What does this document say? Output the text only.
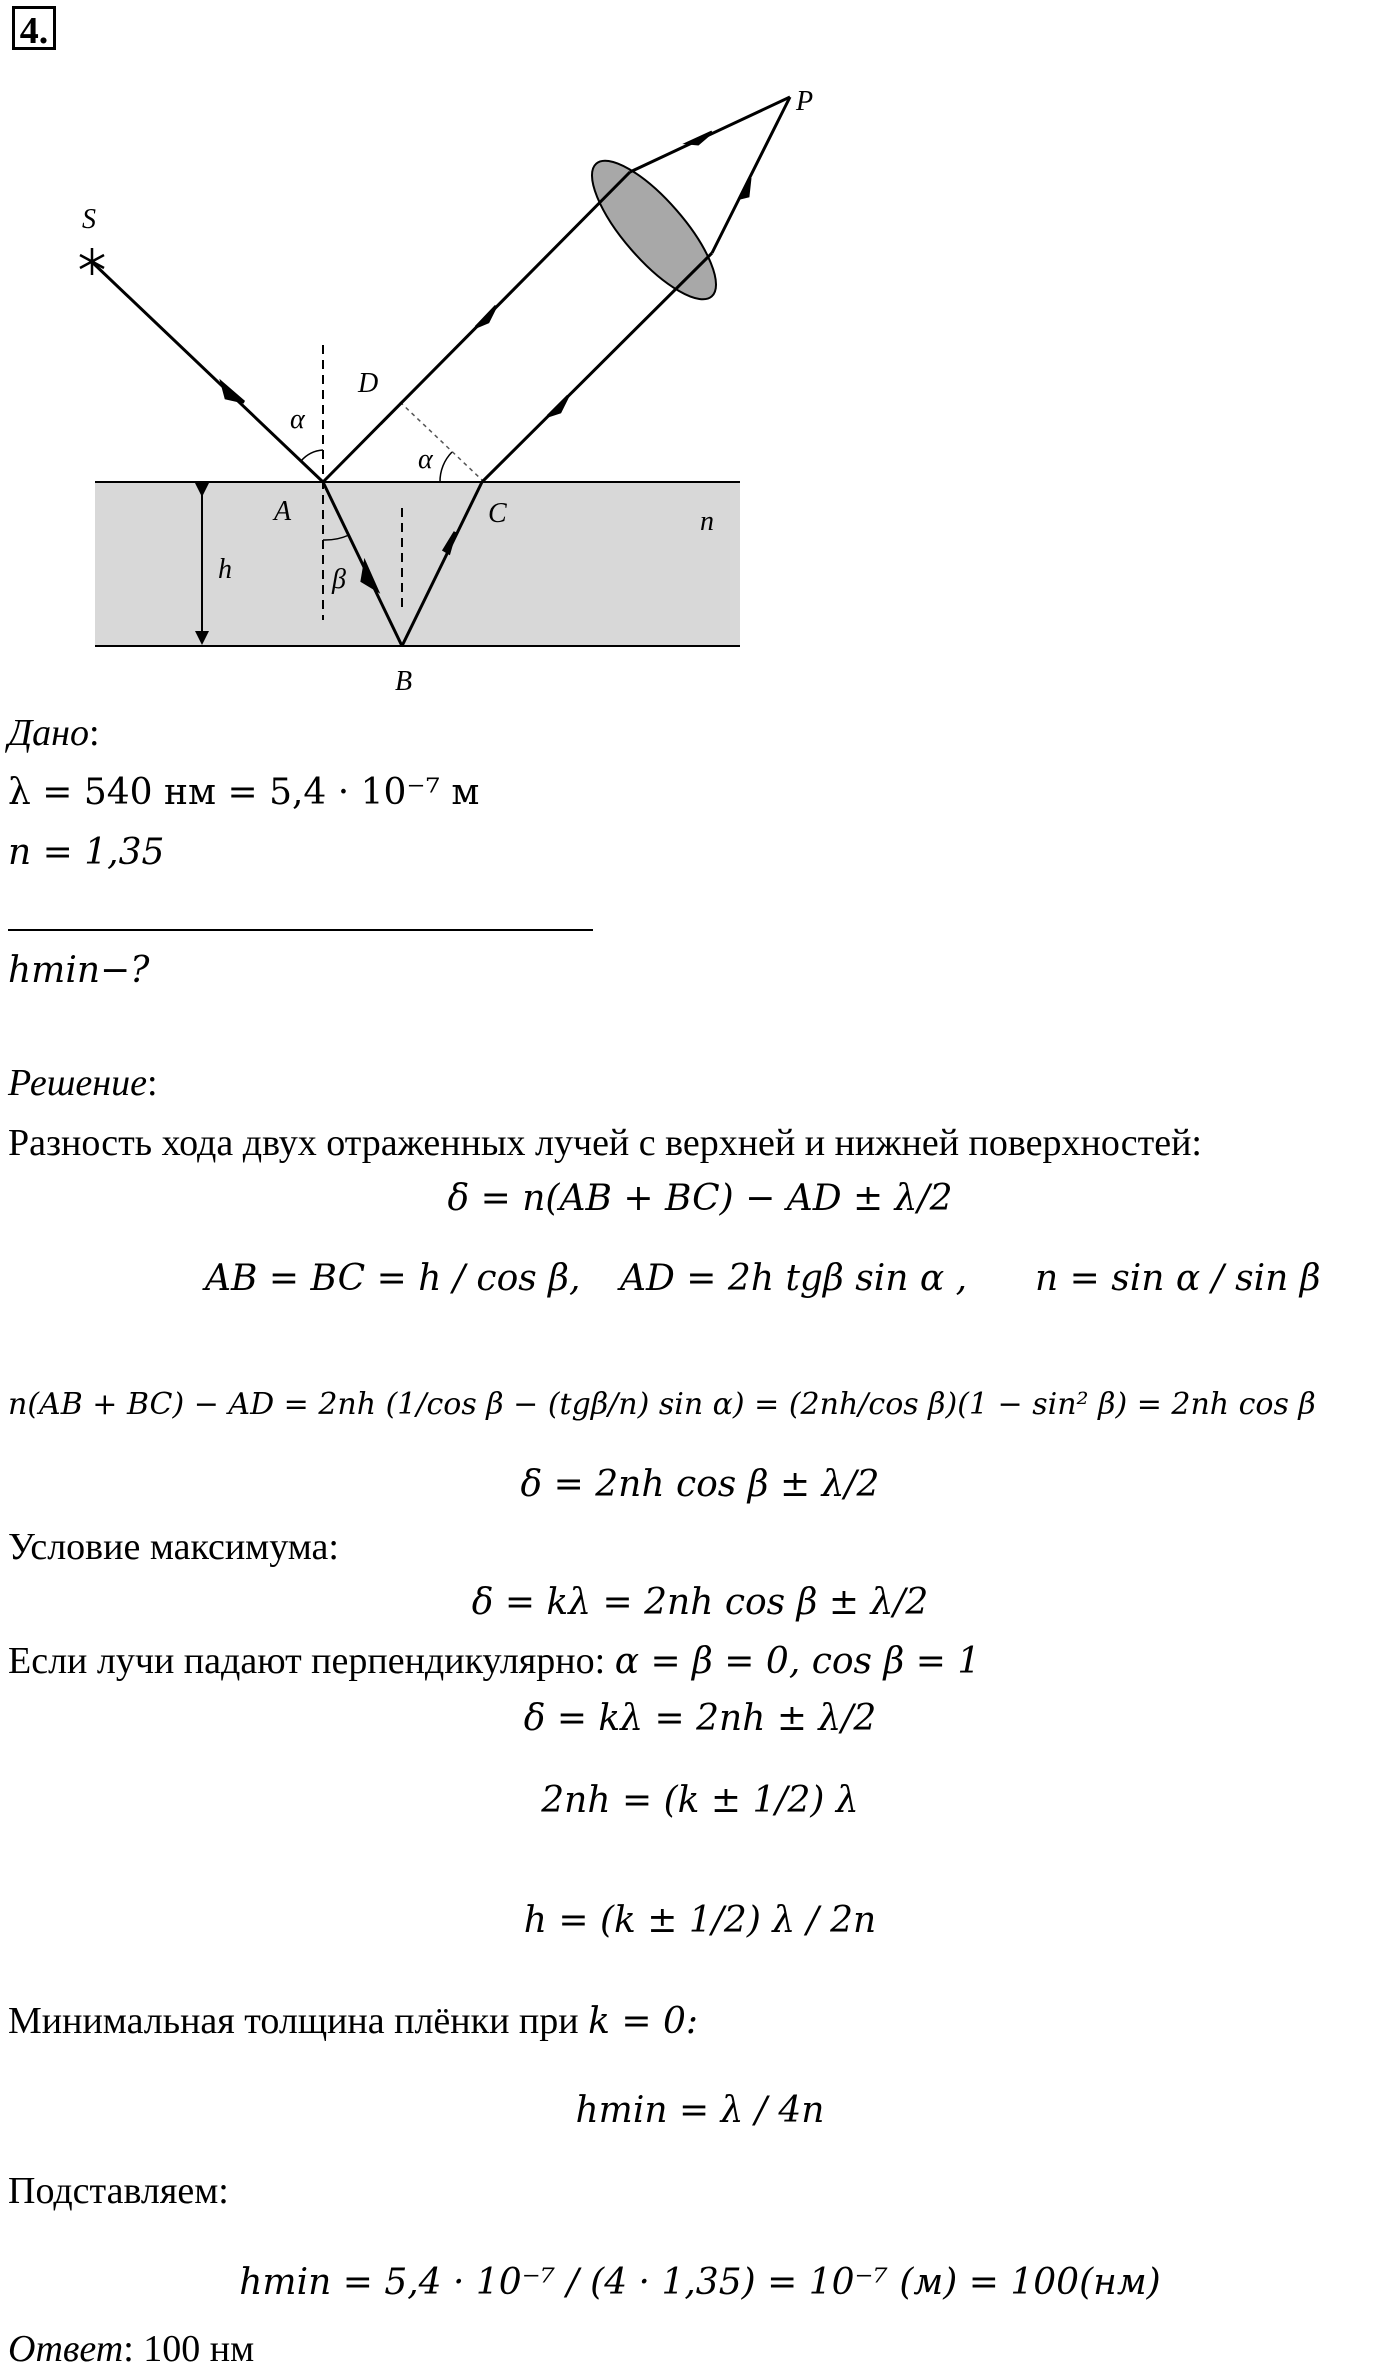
4.
S
P
D
α
α
A	C	n
h	β
B
Дано:
λ = 540 нм = 5,4 · 10⁻⁷ м
n = 1,35
hmin−?
Решение:
Разность хода двух отраженных лучей с верхней и нижней поверхностей:
δ = n(AB + BC) − AD ± λ/2
AB = BC = h / cos β, AD = 2h tgβ sin α , n = sin α / sin β
n(AB + BC) − AD = 2nh (1/cos β − (tgβ/n) sin α) = (2nh/cos β)(1 − sin² β) = 2nh cos β
δ = 2nh cos β ± λ/2
Условие максимума:
δ = kλ = 2nh cos β ± λ/2
Если лучи падают перпендикулярно: α = β = 0, cos β = 1
δ = kλ = 2nh ± λ/2
2nh = (k ± 1/2) λ
h = (k ± 1/2) λ / 2n
Минимальная толщина плёнки при k = 0:
hmin = λ / 4n
Подставляем:
hmin = 5,4 · 10⁻⁷ / (4 · 1,35) = 10⁻⁷ (м) = 100(нм)
Ответ: 100 нм
